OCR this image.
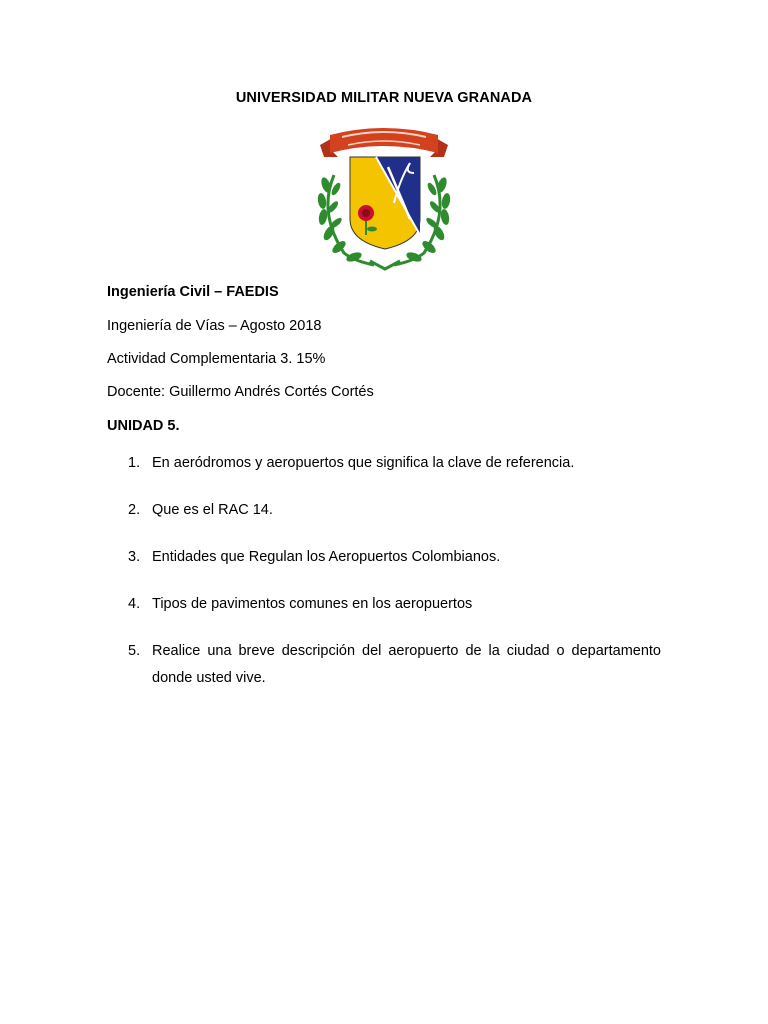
UNIVERSIDAD MILITAR NUEVA GRANADA
Ingeniería Civil – FAEDIS
Ingeniería de Vías – Agosto 2018
Actividad Complementaria 3. 15%
Docente: Guillermo Andrés Cortés Cortés
UNIDAD 5.
1. En aeródromos y aeropuertos que significa la clave de referencia.
2. Que es el RAC 14.
3. Entidades que Regulan los Aeropuertos Colombianos.
4. Tipos de pavimentos comunes en los aeropuertos
5. Realice una breve descripción del aeropuerto de la ciudad o departamento donde usted vive.
